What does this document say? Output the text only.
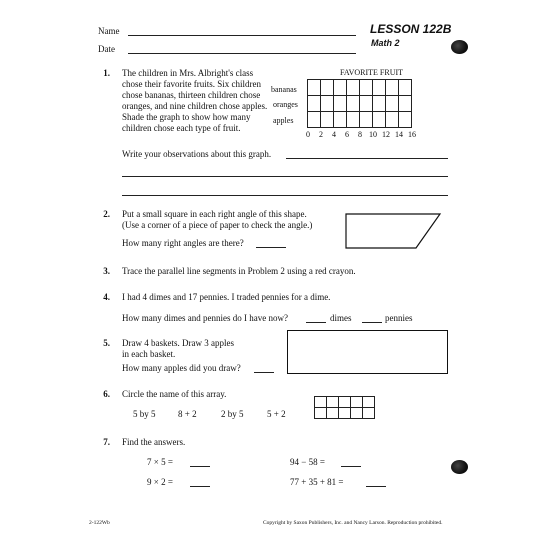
Name
Date
LESSON 122B
Math 2
1. The children in Mrs. Albright's class chose their favorite fruits. Six children chose bananas, thirteen children chose oranges, and nine children chose apples. Shade the graph to show how many children chose each type of fruit.
FAVORITE FRUIT
bananas
oranges
apples

0 2 4 6 8 10 12 14 16
Write your observations about this graph.
2. Put a small square in each right angle of this shape.
(Use a corner of a piece of paper to check the angle.)
How many right angles are there?
3. Trace the parallel line segments in Problem 2 using a red crayon.
4. I had 4 dimes and 17 pennies. I traded pennies for a dime.
How many dimes and pennies do I have now?	dimes	pennies
5. Draw 4 baskets. Draw 3 apples
in each basket.
How many apples did you draw?
6. Circle the name of this array.
5 by 5	8 + 2	2 by 5	5 + 2

7. Find the answers.
7 × 5 =
9 × 2 =
94 − 58 =
77 + 35 + 81 =
2-122Wb	Copyright by Saxon Publishers, Inc. and Nancy Larson. Reproduction prohibited.
